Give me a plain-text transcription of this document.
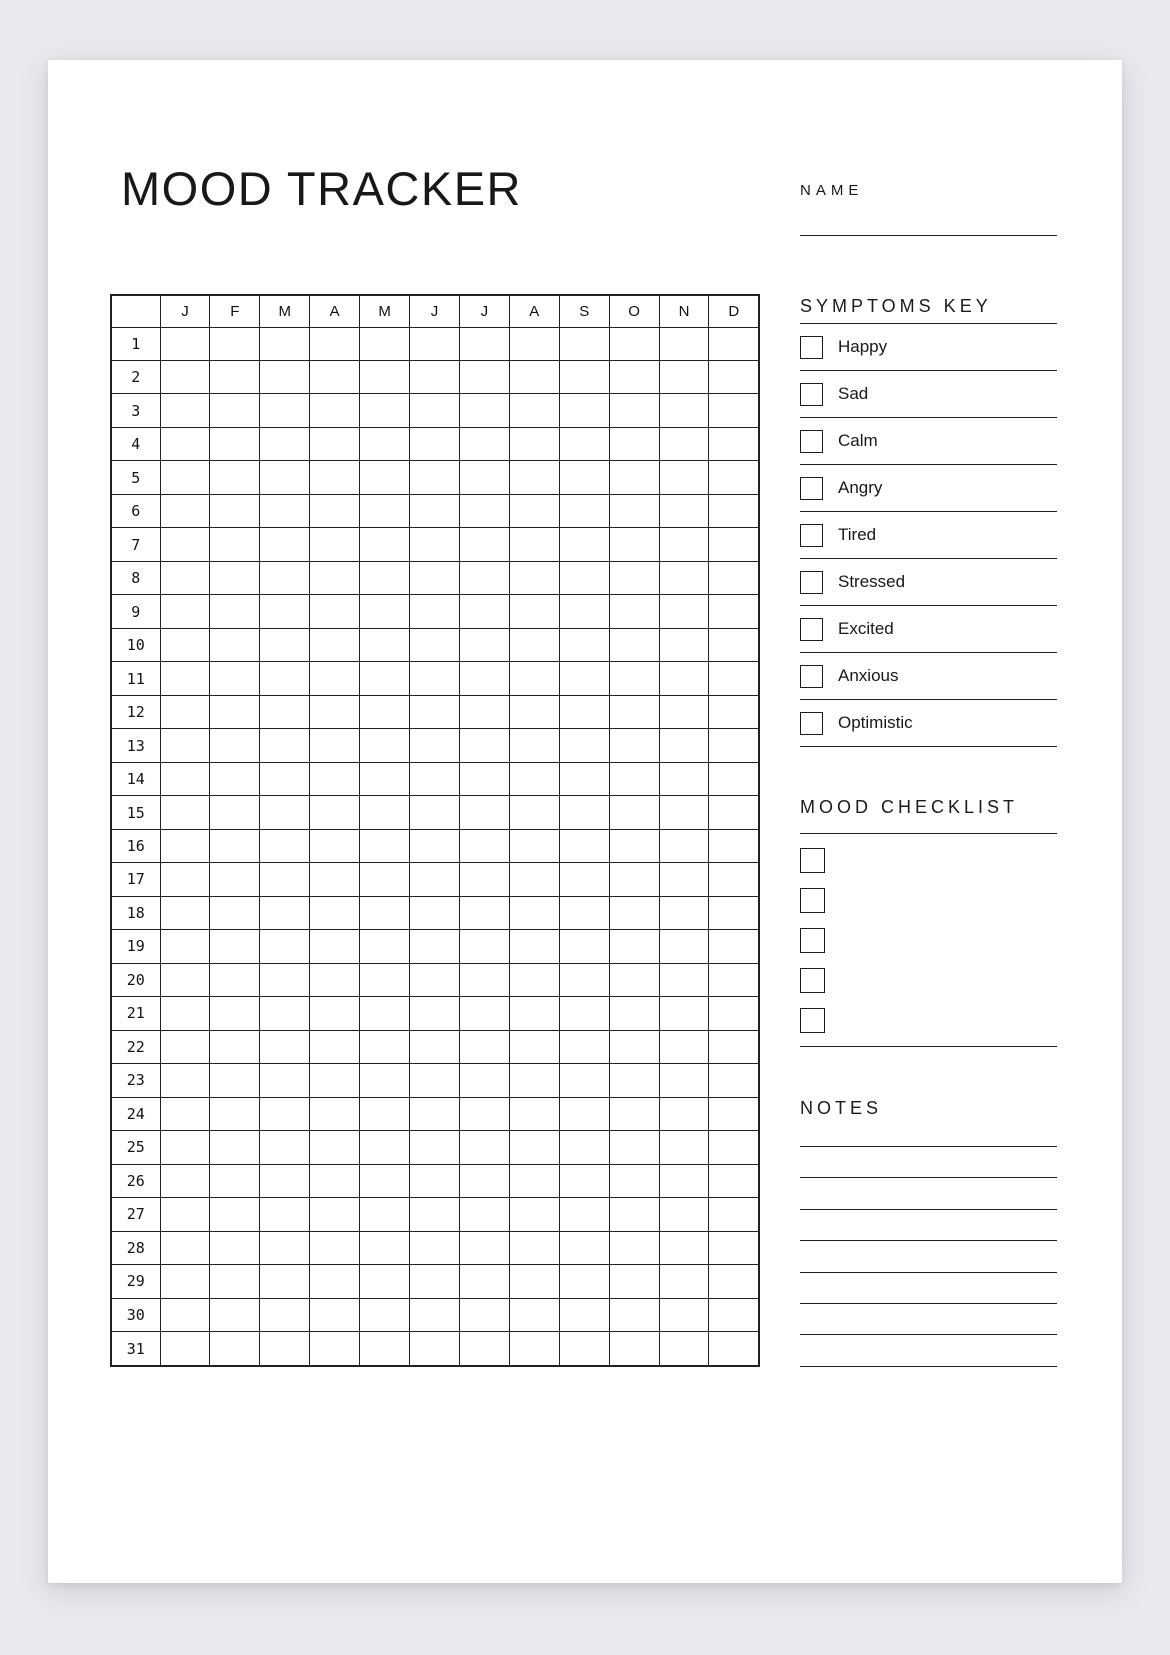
MOOD TRACKER	NAME
	J	F	M	A	M	J	J	A	S	O	N	D
1												
2												
3												
4												
5												
6												
7												
8												
9												
10												
11												
12												
13												
14												
15												
16												
17												
18												
19												
20												
21												
22												
23												
24												
25												
26												
27												
28												
29												
30												
31												
SYMPTOMS KEY
Happy
Sad
Calm
Angry
Tired
Stressed
Excited
Anxious
Optimistic
MOOD CHECKLIST
NOTES
